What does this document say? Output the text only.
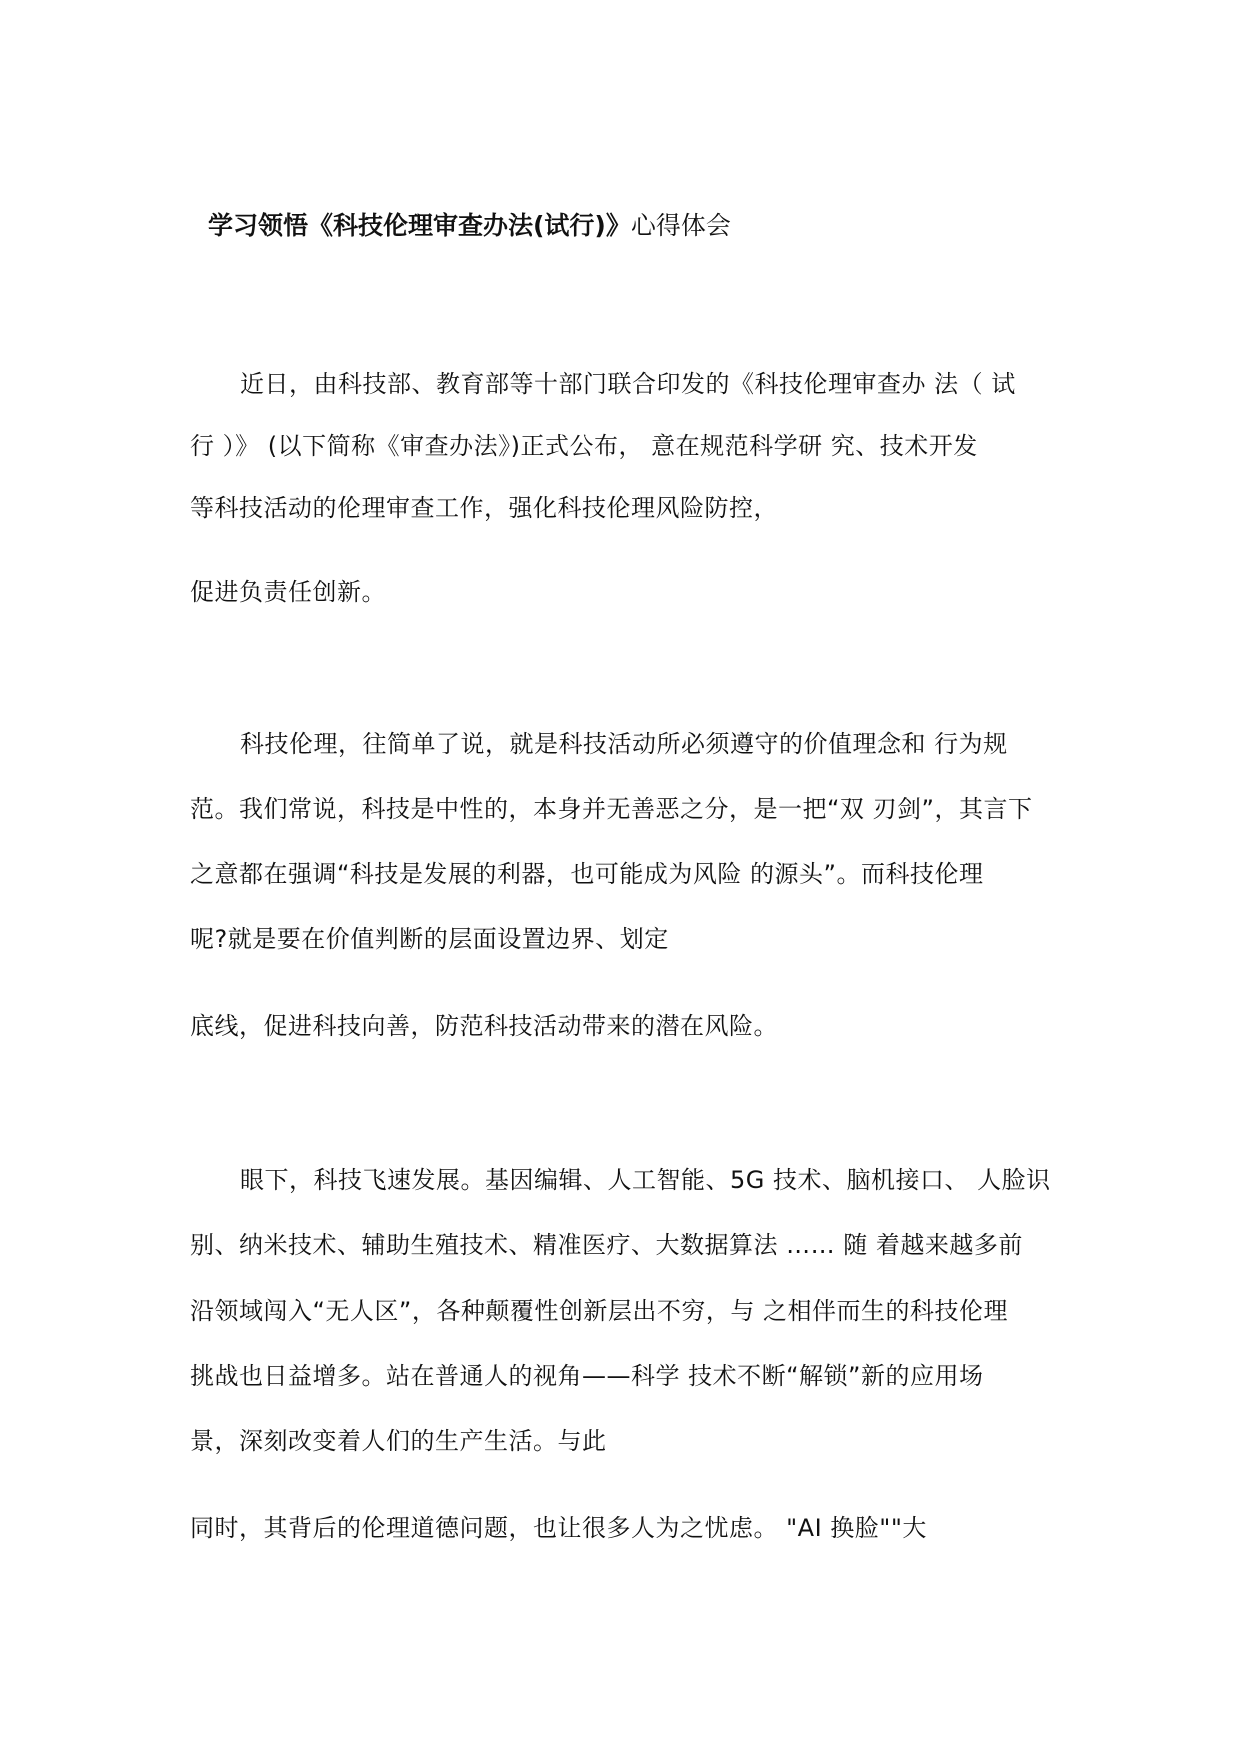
学习领悟《科技伦理审查办法(试行)》心得体会
近日，由科技部、教育部等十部门联合印发的《科技伦理审查办 法（ 试
行 ）》 (以下简称《审查办法》)正式公布， 意在规范科学研 究、技术开发
等科技活动的伦理审查工作，强化科技伦理风险防控，
促进负责任创新。
科技伦理，往简单了说，就是科技活动所必须遵守的价值理念和 行为规
范。我们常说，科技是中性的，本身并无善恶之分，是一把“双 刃剑”，其言下
之意都在强调“科技是发展的利器，也可能成为风险 的源头”。而科技伦理
呢?就是要在价值判断的层面设置边界、划定
底线，促进科技向善，防范科技活动带来的潜在风险。
眼下，科技飞速发展。基因编辑、人工智能、5G 技术、脑机接口、 人脸识
别、纳米技术、辅助生殖技术、精准医疗、大数据算法 …… 随 着越来越多前
沿领域闯入“无人区”，各种颠覆性创新层出不穷，与 之相伴而生的科技伦理
挑战也日益增多。站在普通人的视角——科学 技术不断“解锁”新的应用场
景，深刻改变着人们的生产生活。与此
同时，其背后的伦理道德问题，也让很多人为之忧虑。 "AI 换脸""大
